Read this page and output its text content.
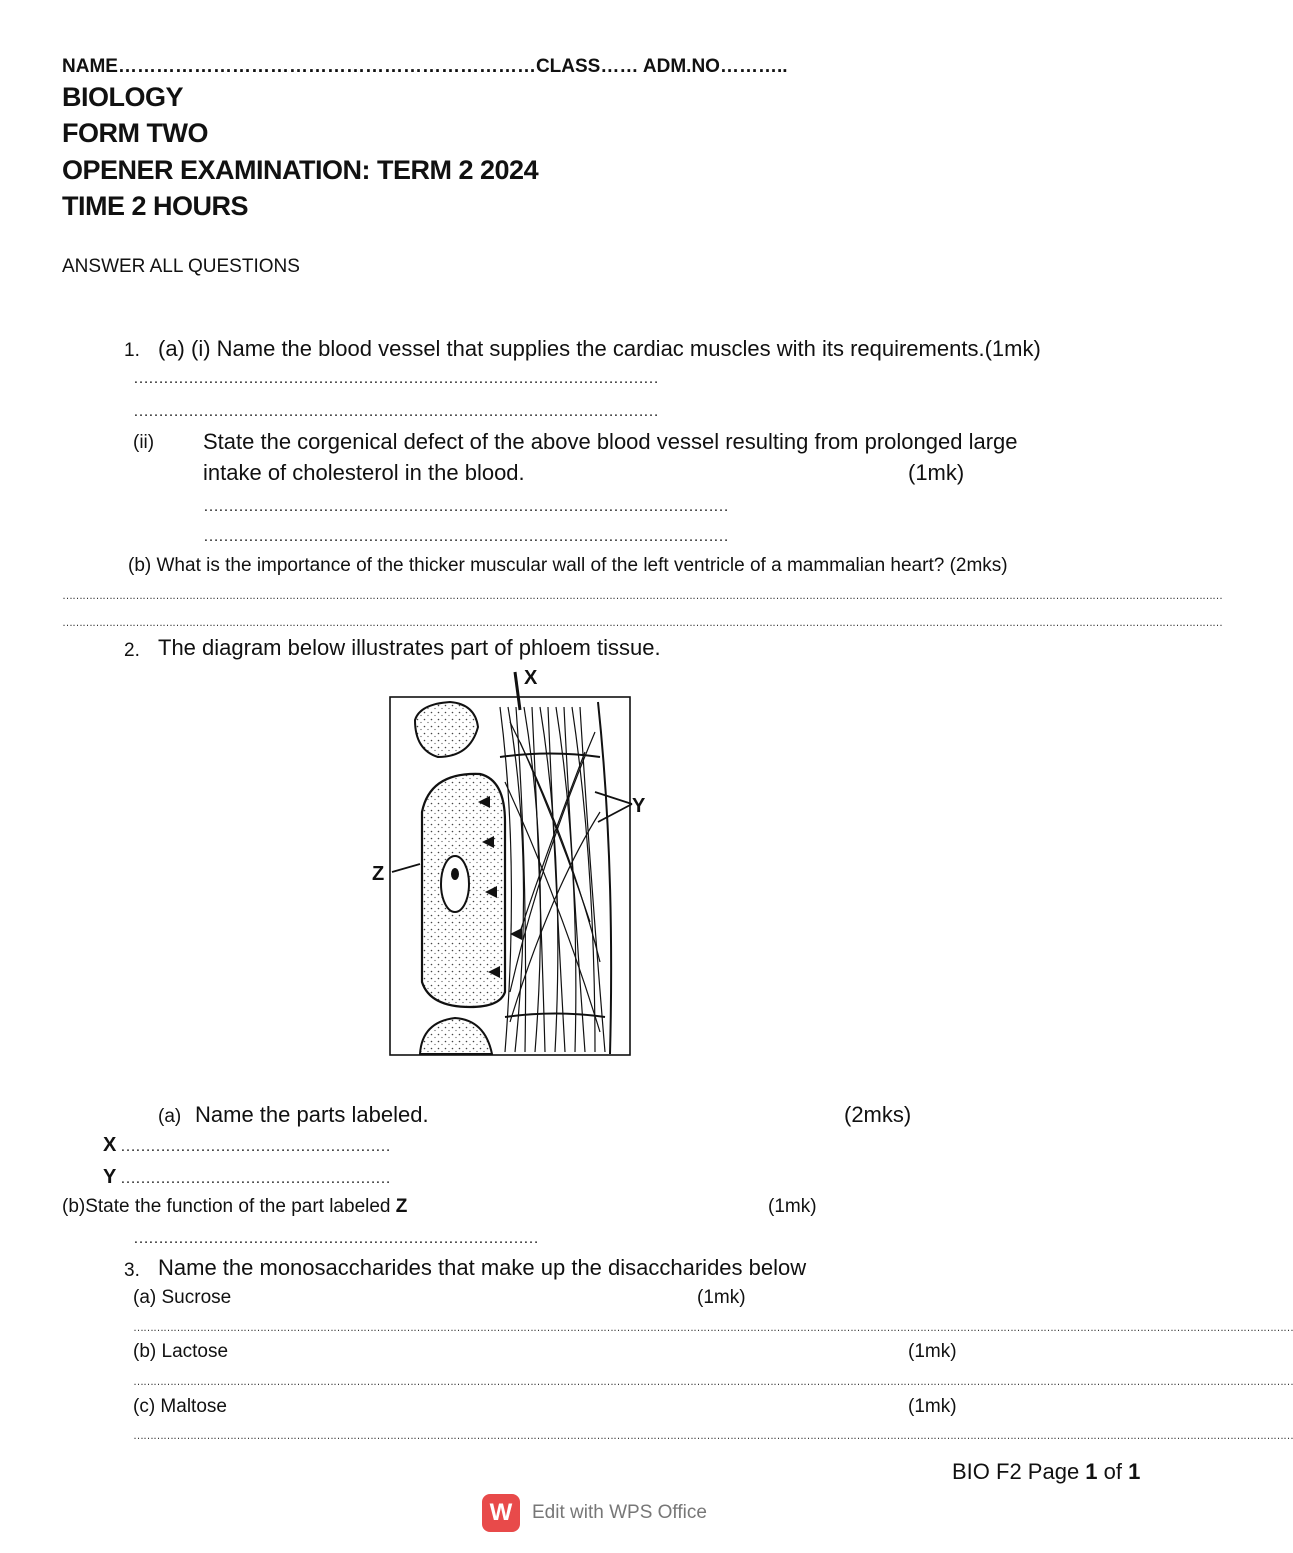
NAME…………………………………………………………CLASS…… ADM.NO………..
BIOLOGY
FORM TWO
OPENER EXAMINATION: TERM 2 2024
TIME 2 HOURS
ANSWER ALL QUESTIONS
1. (a) (i) Name the blood vessel that supplies the cardiac muscles with its requirements.(1mk)
……………………………………………………………………………………………
……………………………………………………………………………………………
(ii) State the corgenical defect of the above blood vessel resulting from prolonged large
intake of cholesterol in the blood.	(1mk)
……………………………………………………………………………………………
……………………………………………………………………………………………
(b) What is the importance of the thicker muscular wall of the left ventricle of a mammalian heart? (2mks)
……………………………………………………………………………………………………………………………………………………………………………………………………………………………………………………………………………………………………………………
……………………………………………………………………………………………………………………………………………………………………………………………………………………………………………………………………………………………………………………
2. The diagram below illustrates part of phloem tissue.
X
Y
Z
(a) Name the parts labeled.	(2mks)
X ………………………………………………
Y ………………………………………………
(b)State the function of the part labeled Z	(1mk)
………………………………………………………………………
3. Name the monosaccharides that make up the disaccharides below
(a) Sucrose	(1mk)
……………………………………………………………………………………………………………………………………………………………………………………………………………………………………………………………………………………………………………………
(b) Lactose	(1mk)
……………………………………………………………………………………………………………………………………………………………………………………………………………………………………………………………………………………………………………………
(c) Maltose	(1mk)
……………………………………………………………………………………………………………………………………………………………………………………………………………………………………………………………………………………………………………………
BIO F2 Page 1 of 1
W	Edit with WPS Office
